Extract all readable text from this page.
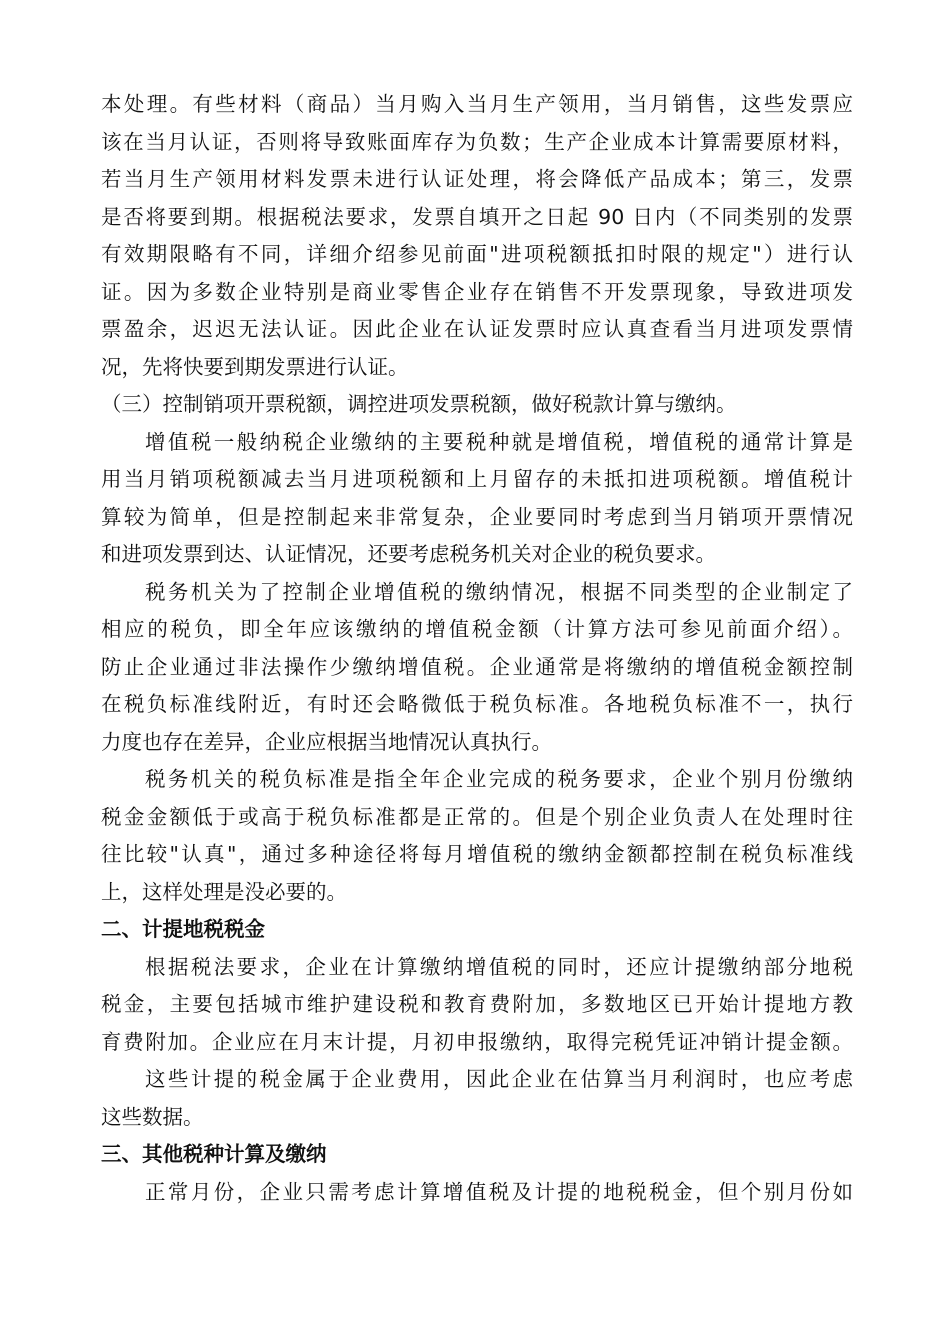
本处理。有些材料（商品）当月购入当月生产领用，当月销售，这些发票应
该在当月认证，否则将导致账面库存为负数；生产企业成本计算需要原材料，
若当月生产领用材料发票未进行认证处理，将会降低产品成本；第三，发票
是否将要到期。根据税法要求，发票自填开之日起 90 日内（不同类别的发票
有效期限略有不同，详细介绍参见前面"进项税额抵扣时限的规定"）进行认
证。因为多数企业特别是商业零售企业存在销售不开发票现象，导致进项发
票盈余，迟迟无法认证。因此企业在认证发票时应认真查看当月进项发票情
况，先将快要到期发票进行认证。
（三）控制销项开票税额，调控进项发票税额，做好税款计算与缴纳。
增值税一般纳税企业缴纳的主要税种就是增值税，增值税的通常计算是
用当月销项税额减去当月进项税额和上月留存的未抵扣进项税额。增值税计
算较为简单，但是控制起来非常复杂，企业要同时考虑到当月销项开票情况
和进项发票到达、认证情况，还要考虑税务机关对企业的税负要求。
税务机关为了控制企业增值税的缴纳情况，根据不同类型的企业制定了
相应的税负，即全年应该缴纳的增值税金额（计算方法可参见前面介绍）。
防止企业通过非法操作少缴纳增值税。企业通常是将缴纳的增值税金额控制
在税负标准线附近，有时还会略微低于税负标准。各地税负标准不一，执行
力度也存在差异，企业应根据当地情况认真执行。
税务机关的税负标准是指全年企业完成的税务要求，企业个别月份缴纳
税金金额低于或高于税负标准都是正常的。但是个别企业负责人在处理时往
往比较"认真"，通过多种途径将每月增值税的缴纳金额都控制在税负标准线
上，这样处理是没必要的。
二、计提地税税金
根据税法要求，企业在计算缴纳增值税的同时，还应计提缴纳部分地税
税金，主要包括城市维护建设税和教育费附加，多数地区已开始计提地方教
育费附加。企业应在月末计提，月初申报缴纳，取得完税凭证冲销计提金额。
这些计提的税金属于企业费用，因此企业在估算当月利润时，也应考虑
这些数据。
三、其他税种计算及缴纳
正常月份，企业只需考虑计算增值税及计提的地税税金，但个别月份如
